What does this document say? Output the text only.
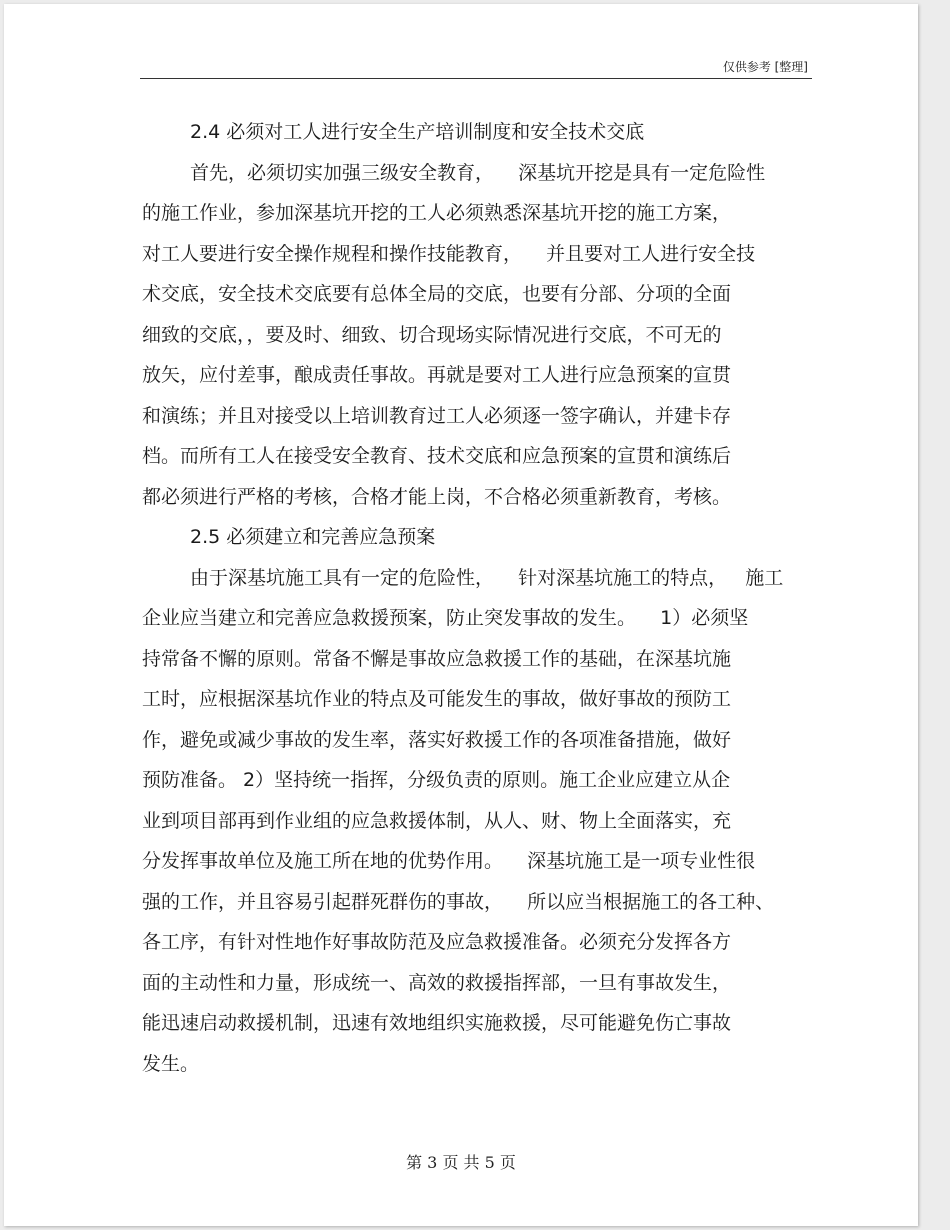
仅供参考 [整理]
2.4 必须对工人进行安全生产培训制度和安全技术交底
首先，必须切实加强三级安全教育，    深基坑开挖是具有一定危险性
的施工作业，参加深基坑开挖的工人必须熟悉深基坑开挖的施工方案，
对工人要进行安全操作规程和操作技能教育，    并且要对工人进行安全技
术交底，安全技术交底要有总体全局的交底，也要有分部、分项的全面
细致的交底，，要及时、细致、切合现场实际情况进行交底，不可无的
放矢，应付差事，酿成责任事故。再就是要对工人进行应急预案的宣贯
和演练；并且对接受以上培训教育过工人必须逐一签字确认，并建卡存
档。而所有工人在接受安全教育、技术交底和应急预案的宣贯和演练后
都必须进行严格的考核，合格才能上岗，不合格必须重新教育，考核。
2.5 必须建立和完善应急预案
由于深基坑施工具有一定的危险性，    针对深基坑施工的特点，   施工
企业应当建立和完善应急救援预案，防止突发事故的发生。    1）必须坚
持常备不懈的原则。常备不懈是事故应急救援工作的基础，在深基坑施
工时，应根据深基坑作业的特点及可能发生的事故，做好事故的预防工
作，避免或减少事故的发生率，落实好救援工作的各项准备措施，做好
预防准备。 2）坚持统一指挥，分级负责的原则。施工企业应建立从企
业到项目部再到作业组的应急救援体制，从人、财、物上全面落实，充
分发挥事故单位及施工所在地的优势作用。    深基坑施工是一项专业性很
强的工作，并且容易引起群死群伤的事故，    所以应当根据施工的各工种、
各工序，有针对性地作好事故防范及应急救援准备。必须充分发挥各方
面的主动性和力量，形成统一、高效的救援指挥部，一旦有事故发生，
能迅速启动救援机制，迅速有效地组织实施救援，尽可能避免伤亡事故
发生。
第 3 页 共 5 页
